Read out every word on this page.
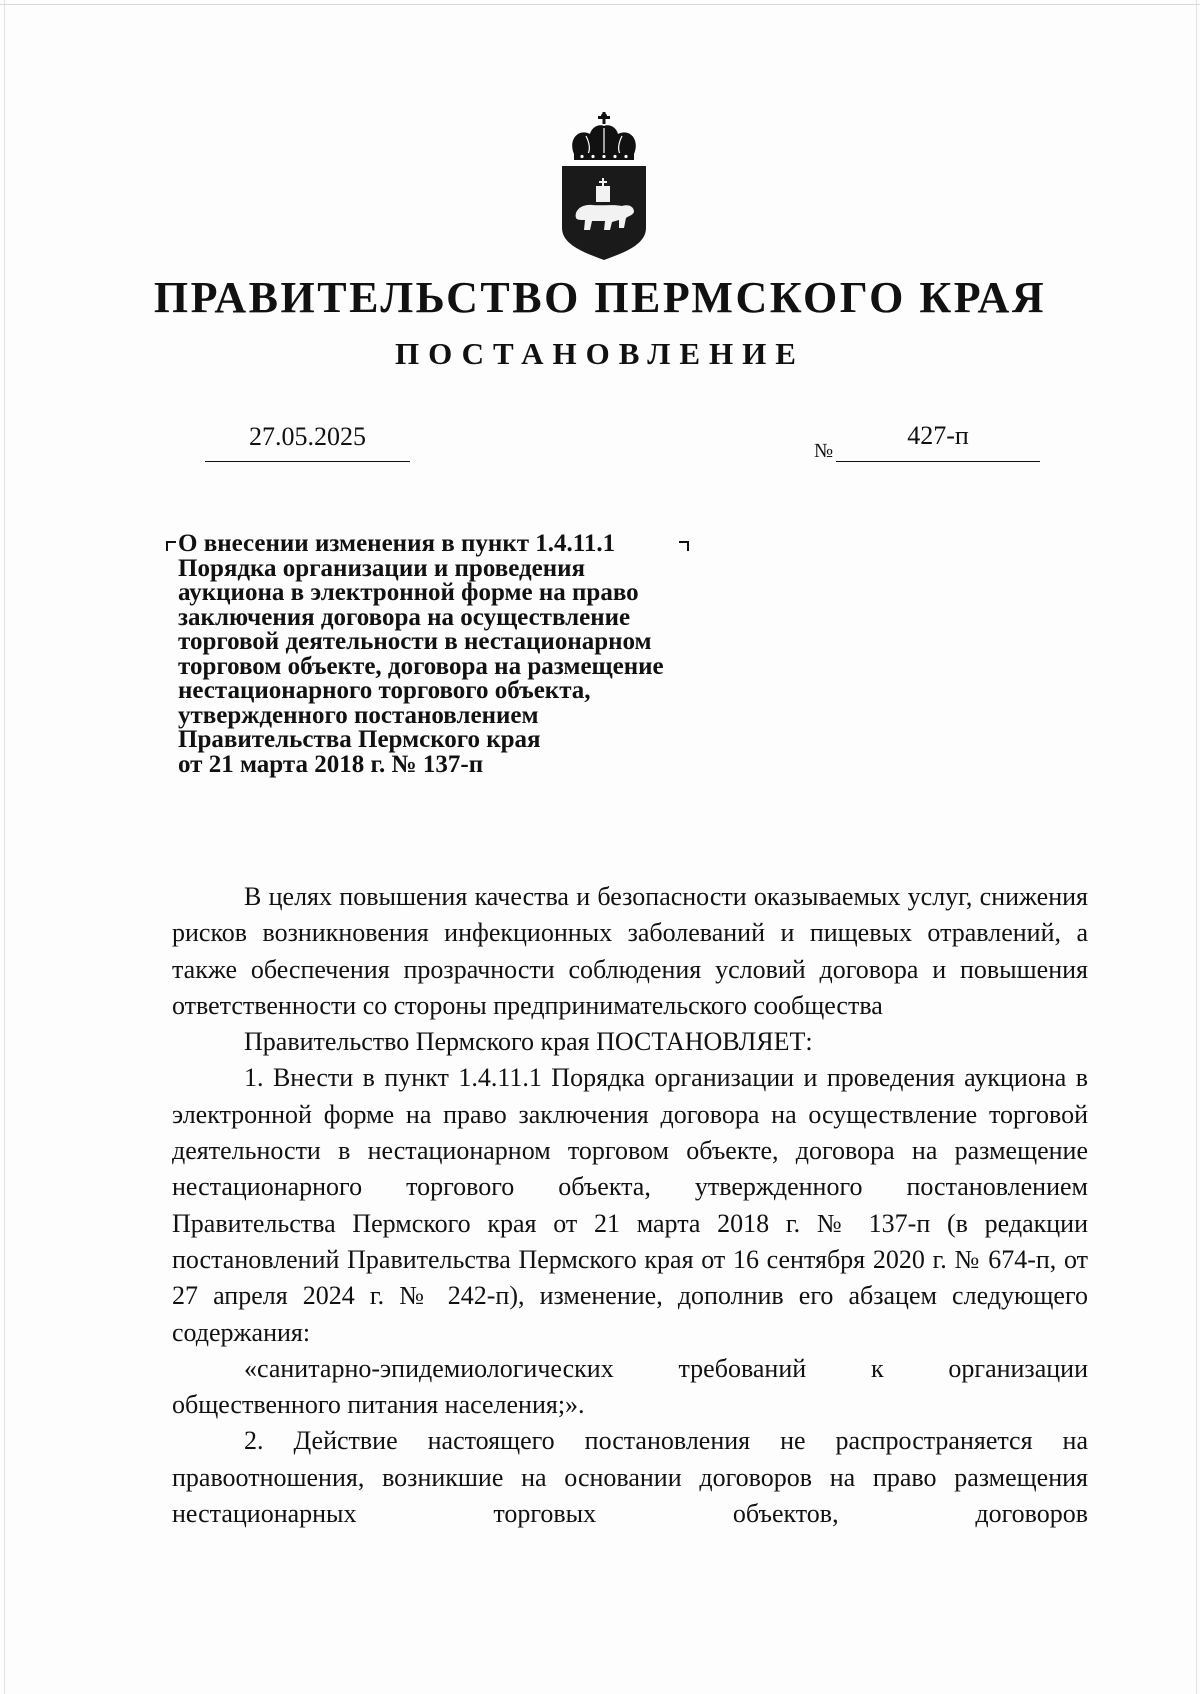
ПРАВИТЕЛЬСТВО ПЕРМСКОГО КРАЯ
ПОСТАНОВЛЕНИЕ
27.05.2025	№
427-п
О внесении изменения в пункт 1.4.11.1
Порядка организации и проведения
аукциона в электронной форме на право
заключения договора на осуществление
торговой деятельности в нестационарном
торговом объекте, договора на размещение
нестационарного торгового объекта,
утвержденного постановлением
Правительства Пермского края
от 21 марта 2018 г. № 137-п

В целях повышения качества и безопасности оказываемых услуг, снижения рисков возникновения инфекционных заболеваний и пищевых отравлений, а также обеспечения прозрачности соблюдения условий договора и повышения ответственности со стороны предпринимательского сообщества

Правительство Пермского края ПОСТАНОВЛЯЕТ:

1. Внести в пункт 1.4.11.1 Порядка организации и проведения аукциона в электронной форме на право заключения договора на осуществление торговой деятельности в нестационарном торговом объекте, договора на размещение нестационарного торгового объекта, утвержденного постановлением Правительства Пермского края от 21 марта 2018 г. № 137-п (в редакции постановлений Правительства Пермского края от 16 сентября 2020 г. № 674-п, от 27 апреля 2024 г. № 242-п), изменение, дополнив его абзацем следующего содержания:

«санитарно-эпидемиологических требований к организации общественного питания населения;».

2. Действие настоящего постановления не распространяется на правоотношения, возникшие на основании договоров на право размещения нестационарных торговых объектов, договоров
